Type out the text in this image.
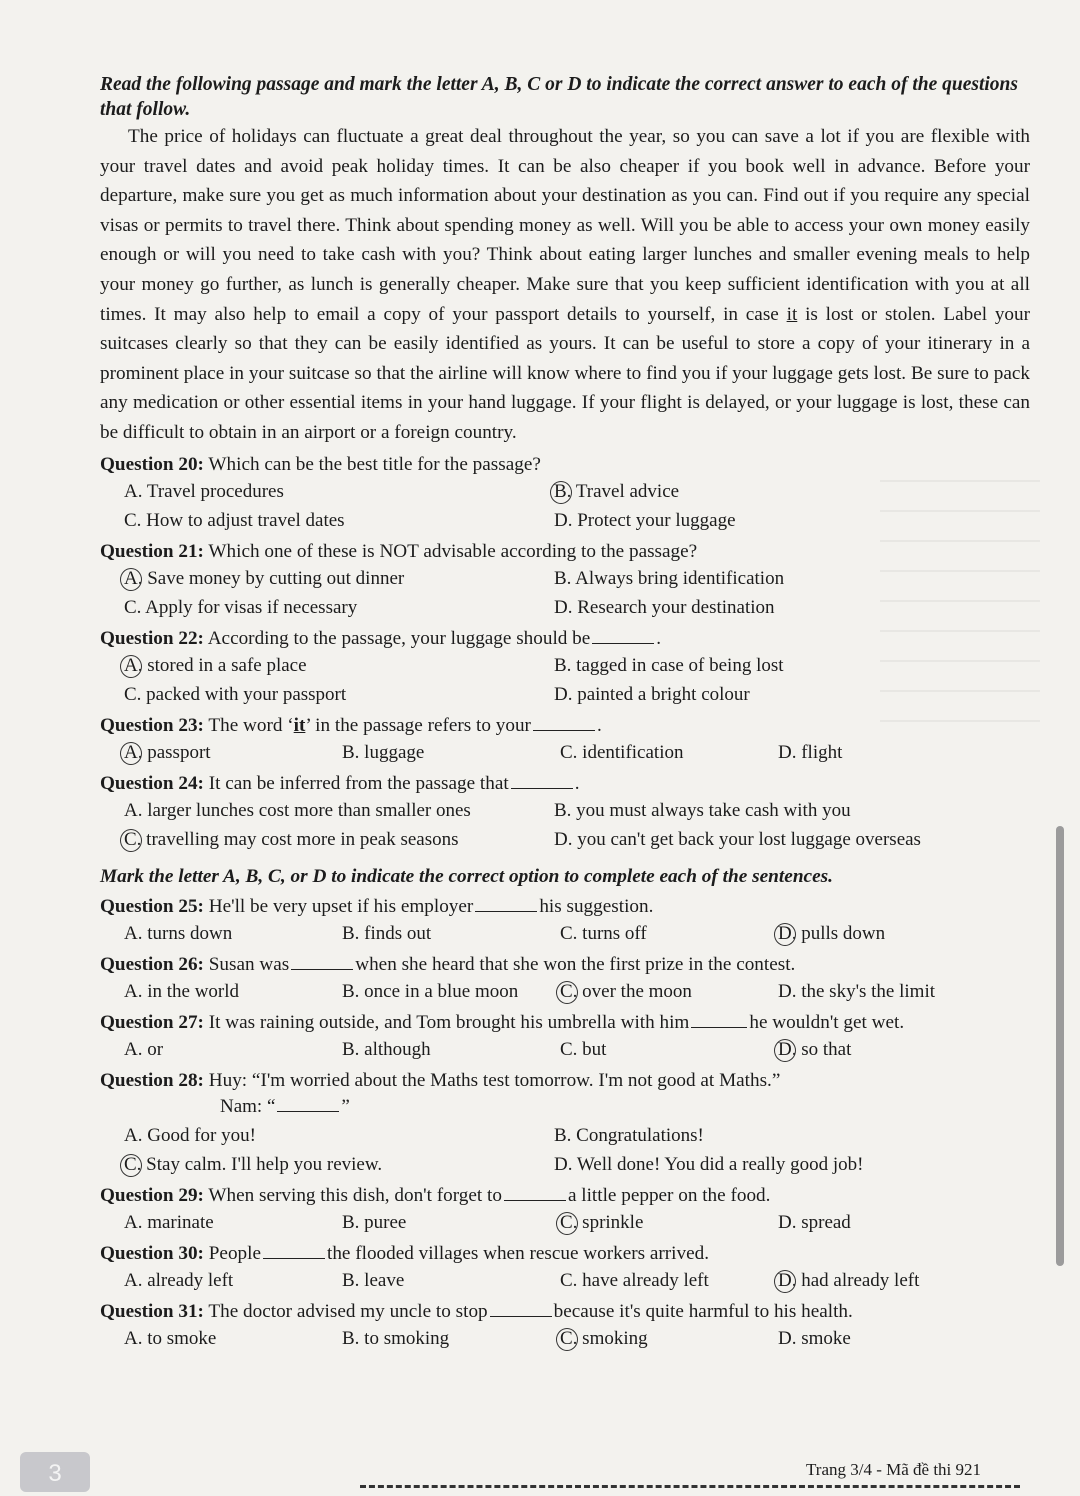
Read the following passage and mark the letter A, B, C or D to indicate the correct answer to each of the questions that follow.

The price of holidays can fluctuate a great deal throughout the year, so you can save a lot if you are flexible with your travel dates and avoid peak holiday times. It can be also cheaper if you book well in advance. Before your departure, make sure you get as much information about your destination as you can. Find out if you require any special visas or permits to travel there. Think about spending money as well. Will you be able to access your own money easily enough or will you need to take cash with you? Think about eating larger lunches and smaller evening meals to help your money go further, as lunch is generally cheaper. Make sure that you keep sufficient identification with you at all times. It may also help to email a copy of your passport details to yourself, in case it is lost or stolen. Label your suitcases clearly so that they can be easily identified as yours. It can be useful to store a copy of your itinerary in a prominent place in your suitcase so that the airline will know where to find you if your luggage gets lost. Be sure to pack any medication or other essential items in your hand luggage. If your flight is delayed, or your luggage is lost, these can be difficult to obtain in an airport or a foreign country.

Question 20: Which can be the best title for the passage?
A. Travel procedures	B. Travel advice
C. How to adjust travel dates	D. Protect your luggage
Question 21: Which one of these is NOT advisable according to the passage?
A. Save money by cutting out dinner	B. Always bring identification
C. Apply for visas if necessary	D. Research your destination
Question 22: According to the passage, your luggage should be	.
A. stored in a safe place	B. tagged in case of being lost
C. packed with your passport	D. painted a bright colour
Question 23: The word ‘it’ in the passage refers to your	.
A. passport	B. luggage	C. identification	D. flight
Question 24: It can be inferred from the passage that	.
A. larger lunches cost more than smaller ones	B. you must always take cash with you
C. travelling may cost more in peak seasons	D. you can't get back your lost luggage overseas
Mark the letter A, B, C, or D to indicate the correct option to complete each of the sentences.
Question 25: He'll be very upset if his employer	his suggestion.
A. turns down	B. finds out	C. turns off	D. pulls down
Question 26: Susan was	when she heard that she won the first prize in the contest.
A. in the world	B. once in a blue moon	C. over the moon	D. the sky's the limit
Question 27: It was raining outside, and Tom brought his umbrella with him	he wouldn't get wet.
A. or	B. although	C. but	D. so that
Question 28: Huy: “I'm worried about the Maths test tomorrow. I'm not good at Maths.”
Nam: “	”
A. Good for you!	B. Congratulations!
C. Stay calm. I'll help you review.	D. Well done! You did a really good job!
Question 29: When serving this dish, don't forget to	a little pepper on the food.
A. marinate	B. puree	C. sprinkle	D. spread
Question 30: People	the flooded villages when rescue workers arrived.
A. already left	B. leave	C. have already left	D. had already left
Question 31: The doctor advised my uncle to stop	because it's quite harmful to his health.
A. to smoke	B. to smoking	C. smoking	D. smoke
Trang 3/4 - Mã đề thi 921
3
